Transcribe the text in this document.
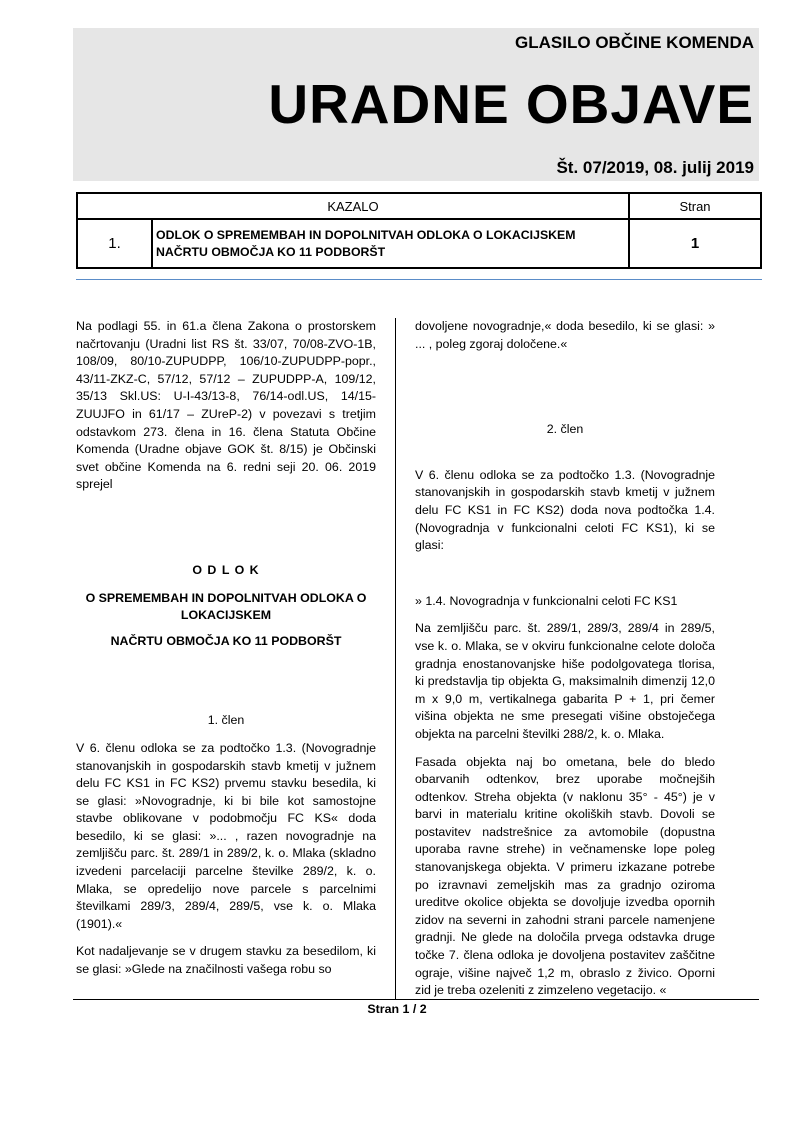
GLASILO OBČINE KOMENDA
URADNE OBJAVE
Št. 07/2019, 08. julij 2019
KAZALO		Stran
1.	ODLOK O SPREMEMBAH IN DOPOLNITVAH ODLOKA O LOKACIJSKEM NAČRTU OBMOČJA KO 11 PODBORŠT	1

Na podlagi 55. in 61.a člena Zakona o prostorskem načrtovanju (Uradni list RS št. 33/07, 70/08-ZVO-1B, 108/09, 80/10-ZUPUDPP, 106/10-ZUPUDPP-popr., 43/11-ZKZ-C, 57/12, 57/12 – ZUPUDPP-A, 109/12, 35/13 Skl.US: U-I-43/13-8, 76/14-odl.US, 14/15-ZUUJFO in 61/17 – ZUreP-2) v povezavi s tretjim odstavkom 273. člena in 16. člena Statuta Občine Komenda (Uradne objave GOK št. 8/15) je Občinski svet občine Komenda na 6. redni seji 20. 06. 2019 sprejel

O D L O K

O SPREMEMBAH IN DOPOLNITVAH ODLOKA O LOKACIJSKEM

NAČRTU OBMOČJA KO 11 PODBORŠT

1. člen

V 6. členu odloka se za podtočko 1.3. (Novogradnje stanovanjskih in gospodarskih stavb kmetij v južnem delu FC KS1 in FC KS2) prvemu stavku besedila, ki se glasi: »Novogradnje, ki bi bile kot samostojne stavbe oblikovane v podobmočju FC KS« doda besedilo, ki se glasi: »... , razen novogradnje na zemljišču parc. št. 289/1 in 289/2, k. o. Mlaka (skladno izvedeni parcelaciji parcelne številke 289/2, k. o. Mlaka, se opredelijo nove parcele s parcelnimi številkami 289/3, 289/4, 289/5, vse k. o. Mlaka (1901).«

Kot nadaljevanje se v drugem stavku za besedilom, ki se glasi: »Glede na značilnosti vašega robu so

dovoljene novogradnje,« doda besedilo, ki se glasi: » ... , poleg zgoraj določene.«

2. člen

V 6. členu odloka se za podtočko 1.3. (Novogradnje stanovanjskih in gospodarskih stavb kmetij v južnem delu FC KS1 in FC KS2) doda nova podtočka 1.4. (Novogradnja v funkcionalni celoti FC KS1), ki se glasi:

» 1.4. Novogradnja v funkcionalni celoti FC KS1

Na zemljišču parc. št. 289/1, 289/3, 289/4 in 289/5, vse k. o. Mlaka, se v okviru funkcionalne celote določa gradnja enostanovanjske hiše podolgovatega tlorisa, ki predstavlja tip objekta G, maksimalnih dimenzij 12,0 m x 9,0 m, vertikalnega gabarita P + 1, pri čemer višina objekta ne sme presegati višine obstoječega objekta na parcelni številki 288/2, k. o. Mlaka.

Fasada objekta naj bo ometana, bele do bledo obarvanih odtenkov, brez uporabe močnejših odtenkov. Streha objekta (v naklonu 35° - 45°) je v barvi in materialu kritine okoliških stavb. Dovoli se postavitev nadstrešnice za avtomobile (dopustna uporaba ravne strehe) in večnamenske lope poleg stanovanjskega objekta. V primeru izkazane potrebe po izravnavi zemeljskih mas za gradnjo oziroma ureditve okolice objekta se dovoljuje izvedba opornih zidov na severni in zahodni strani parcele namenjene gradnji. Ne glede na določila prvega odstavka druge točke 7. člena odloka je dovoljena postavitev zaščitne ograje, višine največ 1,2 m, obraslo z živico. Oporni zid je treba ozeleniti z zimzeleno vegetacijo. «

Stran 1 / 2
